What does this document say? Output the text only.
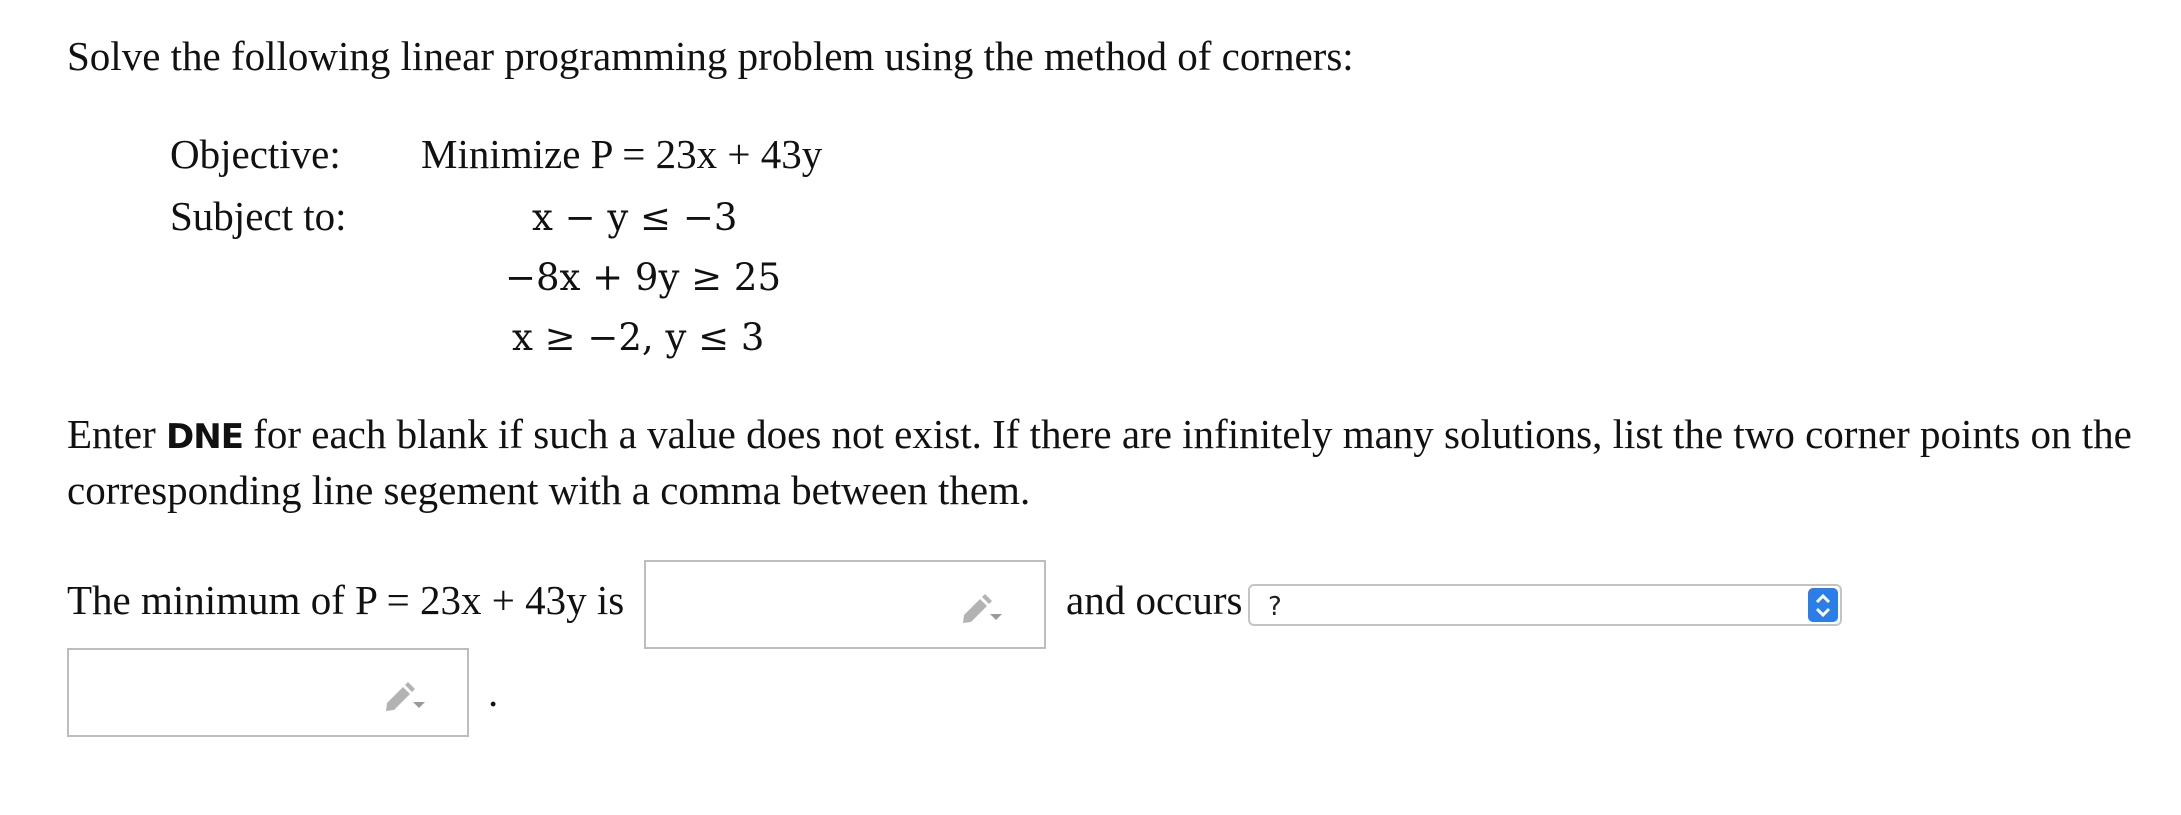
Solve the following linear programming problem using the method of corners:
Objective: Minimize P = 23x + 43y
Subject to:	x − y ≤ −3
−8x + 9y ≥ 25
x ≥ −2, y ≤ 3
Enter DNE for each blank if such a value does not exist. If there are infinitely many solutions, list the two corner points on the
corresponding line segement with a comma between them.
The minimum of P = 23x + 43y is	and occurs ?
.
